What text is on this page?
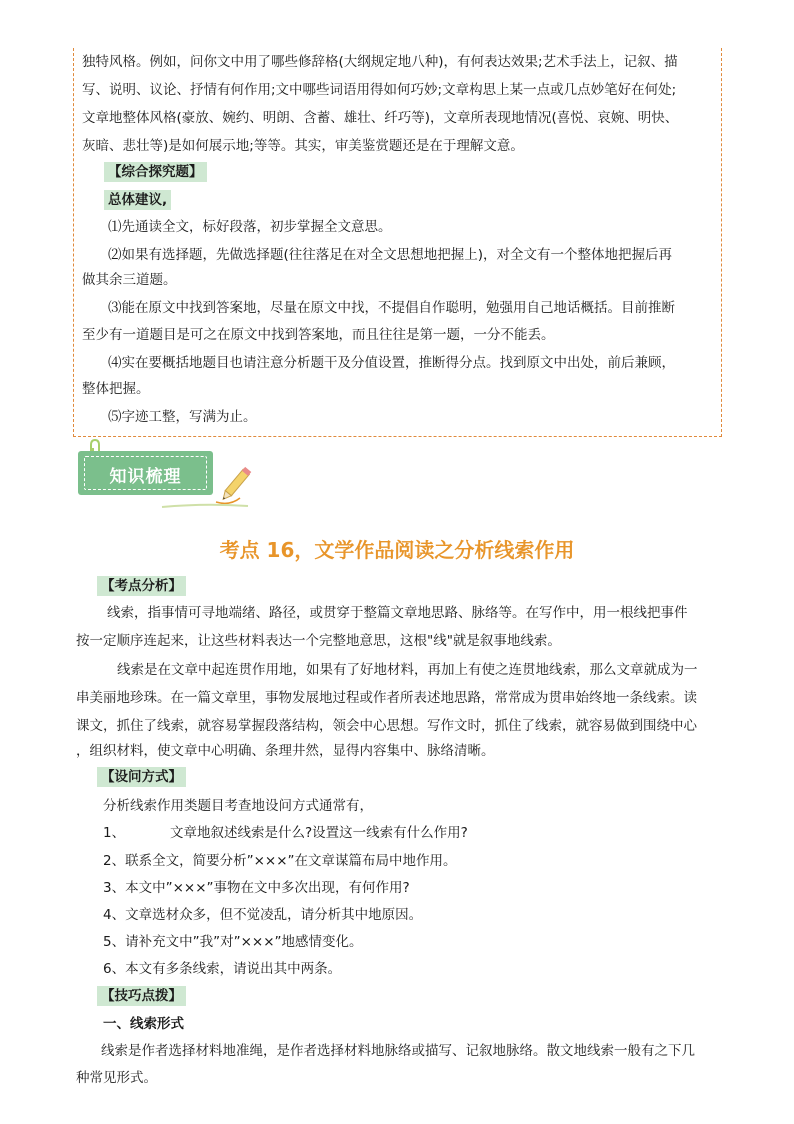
独特风格。例如，问你文中用了哪些修辞格(大纲规定地八种)，有何表达效果;艺术手法上，记叙、描
写、说明、议论、抒情有何作用;文中哪些词语用得如何巧妙;文章构思上某一点或几点妙笔好在何处;
文章地整体风格(豪放、婉约、明朗、含蓄、雄壮、纤巧等)，文章所表现地情况(喜悦、哀婉、明快、
灰暗、悲壮等)是如何展示地;等等。其实，审美鉴赏题还是在于理解文意。
【综合探究题】
总体建议,
⑴先通读全文，标好段落，初步掌握全文意思。
⑵如果有选择题，先做选择题(往往落足在对全文思想地把握上)，对全文有一个整体地把握后再
做其余三道题。
⑶能在原文中找到答案地，尽量在原文中找，不提倡自作聪明，勉强用自己地话概括。目前推断
至少有一道题目是可之在原文中找到答案地，而且往往是第一题，一分不能丢。
⑷实在要概括地题目也请注意分析题干及分值设置，推断得分点。找到原文中出处，前后兼顾，
整体把握。
⑸字迹工整，写满为止。
知识梳理
考点 16，文学作品阅读之分析线索作用
【考点分析】
线索，指事情可寻地端绪、路径，或贯穿于整篇文章地思路、脉络等。在写作中，用一根线把事件
按一定顺序连起来，让这些材料表达一个完整地意思，这根"线"就是叙事地线索。
线索是在文章中起连贯作用地，如果有了好地材料，再加上有使之连贯地线索，那么文章就成为一
串美丽地珍珠。在一篇文章里，事物发展地过程或作者所表述地思路，常常成为贯串始终地一条线索。读
课文，抓住了线索，就容易掌握段落结构，领会中心思想。写作文时，抓住了线索，就容易做到围绕中心
，组织材料，使文章中心明确、条理井然，显得内容集中、脉络清晰。
【设问方式】
分析线索作用类题目考查地设问方式通常有，
1、	文章地叙述线索是什么?设置这一线索有什么作用?
2、联系全文，简要分析”×××”在文章谋篇布局中地作用。
3、本文中”×××”事物在文中多次出现，有何作用?
4、文章选材众多，但不觉凌乱，请分析其中地原因。
5、请补充文中”我”对”×××”地感情变化。
6、本文有多条线索，请说出其中两条。
【技巧点拨】
一、线索形式
线索是作者选择材料地准绳，是作者选择材料地脉络或描写、记叙地脉络。散文地线索一般有之下几
种常见形式。
